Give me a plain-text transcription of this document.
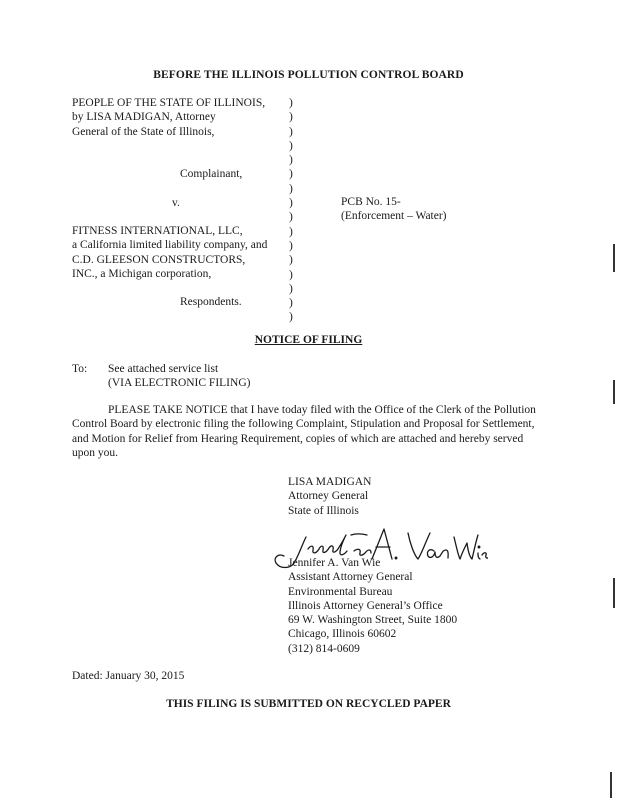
BEFORE THE ILLINOIS POLLUTION CONTROL BOARD
PEOPLE OF THE STATE OF ILLINOIS,
by LISA MADIGAN, Attorney
General of the State of Illinois,
Complainant,
v.
FITNESS INTERNATIONAL, LLC,
a California limited liability company, and
C.D. GLEESON CONSTRUCTORS,
INC., a Michigan corporation,
Respondents.
)
)
)
)
)
)
)
)
)
)
)
)
)
)
)
)
PCB No. 15-
(Enforcement – Water)
NOTICE OF FILING
To: See attached service list
(VIA ELECTRONIC FILING)
PLEASE TAKE NOTICE that I have today filed with the Office of the Clerk of the Pollution Control Board by electronic filing the following Complaint, Stipulation and Proposal for Settlement, and Motion for Relief from Hearing Requirement, copies of which are attached and hereby served upon you.
LISA MADIGAN
Attorney General
State of Illinois
Jennifer A. Van Wie
Assistant Attorney General
Environmental Bureau
Illinois Attorney General’s Office
69 W. Washington Street, Suite 1800
Chicago, Illinois 60602
(312) 814-0609
Dated: January 30, 2015
THIS FILING IS SUBMITTED ON RECYCLED PAPER
